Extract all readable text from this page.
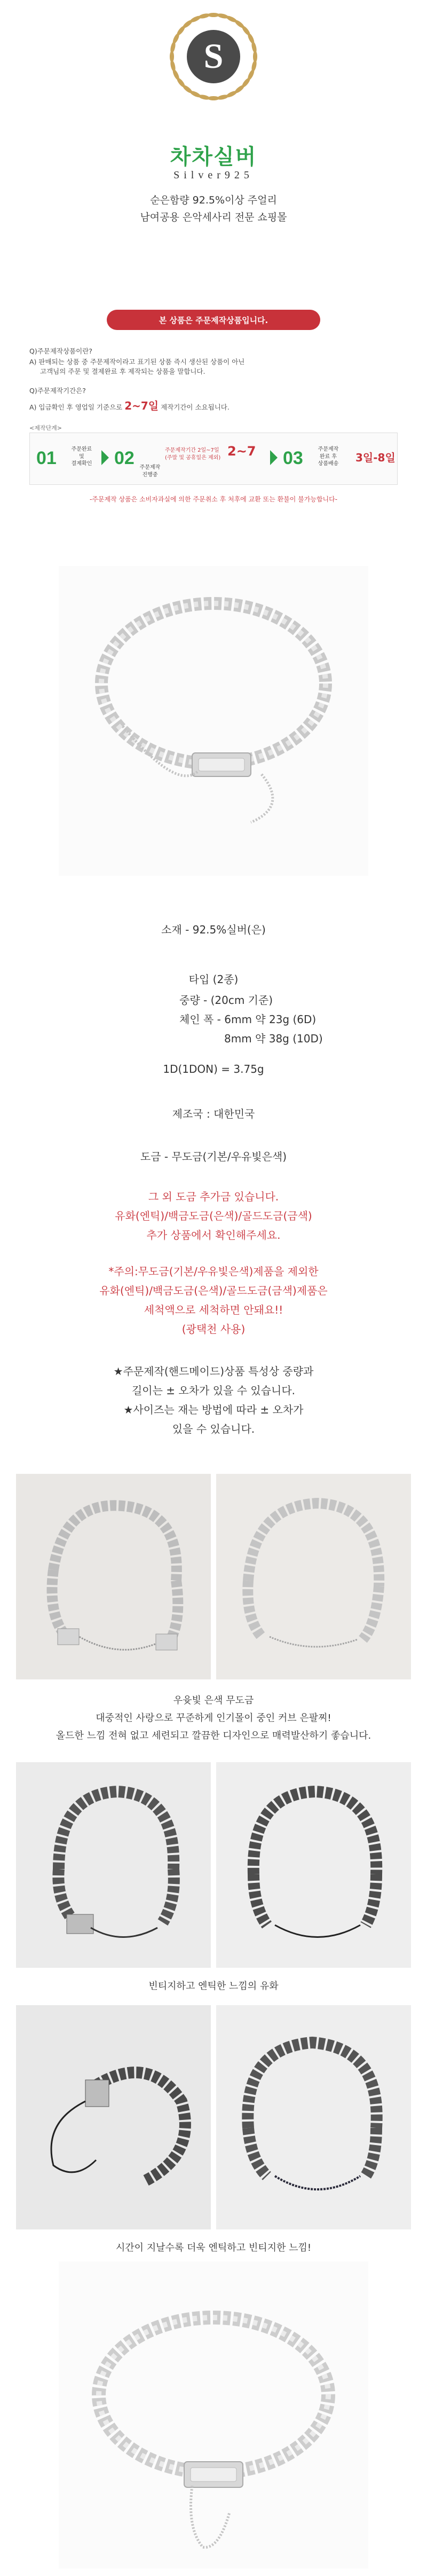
S
차차실버
Silver925
순은함량 92.5%이상 주얼리
남여공용 은악세사리 전문 쇼핑몰
본 상품은 주문제작상품입니다.
Q)주문제작상품이란?
A) 판매되는 상품 중 주문제작이라고 표기된 상품 즉시 생산된 상품이 아닌
고객님의 주문 및 결제완료 후 제작되는 상품을 말합니다.
Q)주문제작기간은?
A) 입금확인 후 영업일 기준으로 2~7일 제작기간이 소요됩니다.
<제작단계>
01	주문완료
및
결제확인	02 주문제작
진행중
주문제작기간 2일~7일
(주말 및 공휴일은 제외) 2~7 03	주문제작
완료 후
상품배송	3일-8일
-주문제작 상품은 소비자과실에 의한 주문취소 후 처후에 교환 또는 환불이 불가능합니다-
소재 - 92.5%실버(은)
타입 (2종)
중량 - (20cm 기준)
체인 폭 - 6mm 약 23g (6D)
8mm 약 38g (10D)
1D(1DON) = 3.75g
제조국 : 대한민국
도금 - 무도금(기본/우유빛은색)
그 외 도금 추가금 있습니다.
유화(엔틱)/백금도금(은색)/골드도금(금색)
추가 상품에서 확인해주세요.
*주의:무도금(기본/우유빛은색)제품을 제외한
유화(엔틱)/백금도금(은색)/골드도금(금색)제품은
세척액으로 세척하면 안돼요!!
(광택천 사용)
★주문제작(핸드메이드)상품 특성상 중량과
길이는 ± 오차가 있을 수 있습니다.
★사이즈는 재는 방법에 따라 ± 오차가
있을 수 있습니다.
우윳빛 은색 무도금
대중적인 사랑으로 꾸준하게 인기몰이 중인 커브 은팔찌!
올드한 느낌 전혀 없고 세련되고 깔끔한 디자인으로 매력발산하기 좋습니다.
빈티지하고 엔틱한 느낌의 유화
시간이 지날수록 더욱 엔틱하고 빈티지한 느낌!
